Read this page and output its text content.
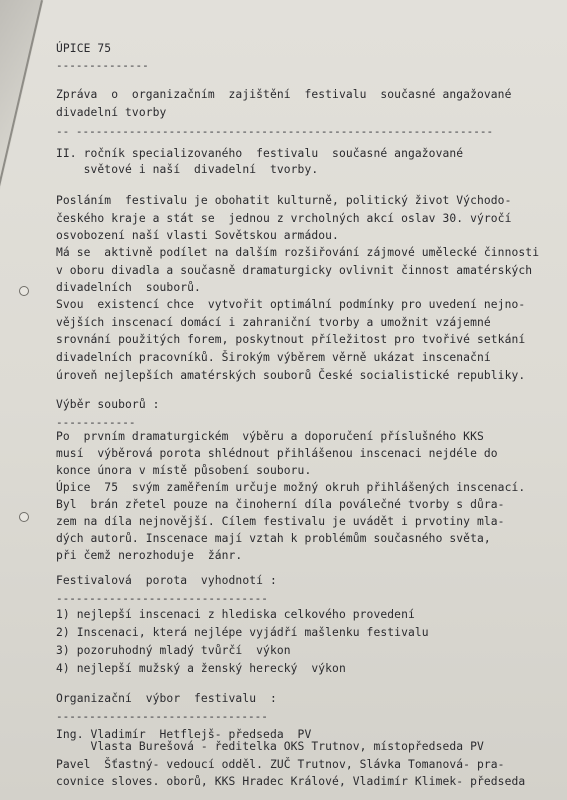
ÚPICE 75
--------------
Zpráva  o  organizačním  zajištění  festivalu  současné angažované
divadelní tvorby
-- ---------------------------------------------------------------
II. ročník specializovaného  festivalu  současné angažované
světové i naší  divadelní  tvorby.
Posláním  festivalu je obohatit kulturně, politický život Východo-
českého kraje a stát se  jednou z vrcholných akcí oslav 30. výročí
osvobození naší vlasti Sovětskou armádou.
Má se  aktivně podílet na dalším rozšiřování zájmové umělecké činnosti
v oboru divadla a současně dramaturgicky ovlivnit činnost amatérských
divadelních  souborů.
Svou  existencí chce  vytvořit optimální podmínky pro uvedení nejno-
vějších inscenací domácí i zahraniční tvorby a umožnit vzájemné
srovnání použitých forem, poskytnout příležitost pro tvořivé setkání
divadelních pracovníků. Širokým výběrem věrně ukázat inscenační
úroveň nejlepších amatérských souborů České socialistické republiky.
Výběr souborů :
------------
Po  prvním dramaturgickém  výběru a doporučení příslušného KKS
musí  výběrová porota shlédnout přihlášenou inscenaci nejdéle do
konce února v místě působení souboru.
Úpice  75  svým zaměřením určuje možný okruh přihlášených inscenací.
Byl  brán zřetel pouze na činoherní díla poválečné tvorby s důra-
zem na díla nejnovější. Cílem festivalu je uvádět i prvotiny mla-
dých autorů. Inscenace mají vztah k problémům současného světa,
při čemž nerozhoduje  žánr.
Festivalová  porota  vyhodnotí :
--------------------------------
1) nejlepší inscenaci z hlediska celkového provedení
2) Inscenaci, která nejlépe vyjádří mašlenku festivalu
3) pozoruhodný mladý tvůrčí  výkon
4) nejlepší mužský a ženský herecký  výkon
Organizační  výbor  festivalu  :
--------------------------------
Ing. Vladimír  Hetflejš- předseda  PV
Vlasta Burešová - ředitelka OKS Trutnov, místopředseda PV
Pavel  Šťastný- vedoucí odděl. ZUČ Trutnov, Slávka Tomanová- pra-
covnice sloves. oborů, KKS Hradec Králové, Vladimír Klimek- předseda
